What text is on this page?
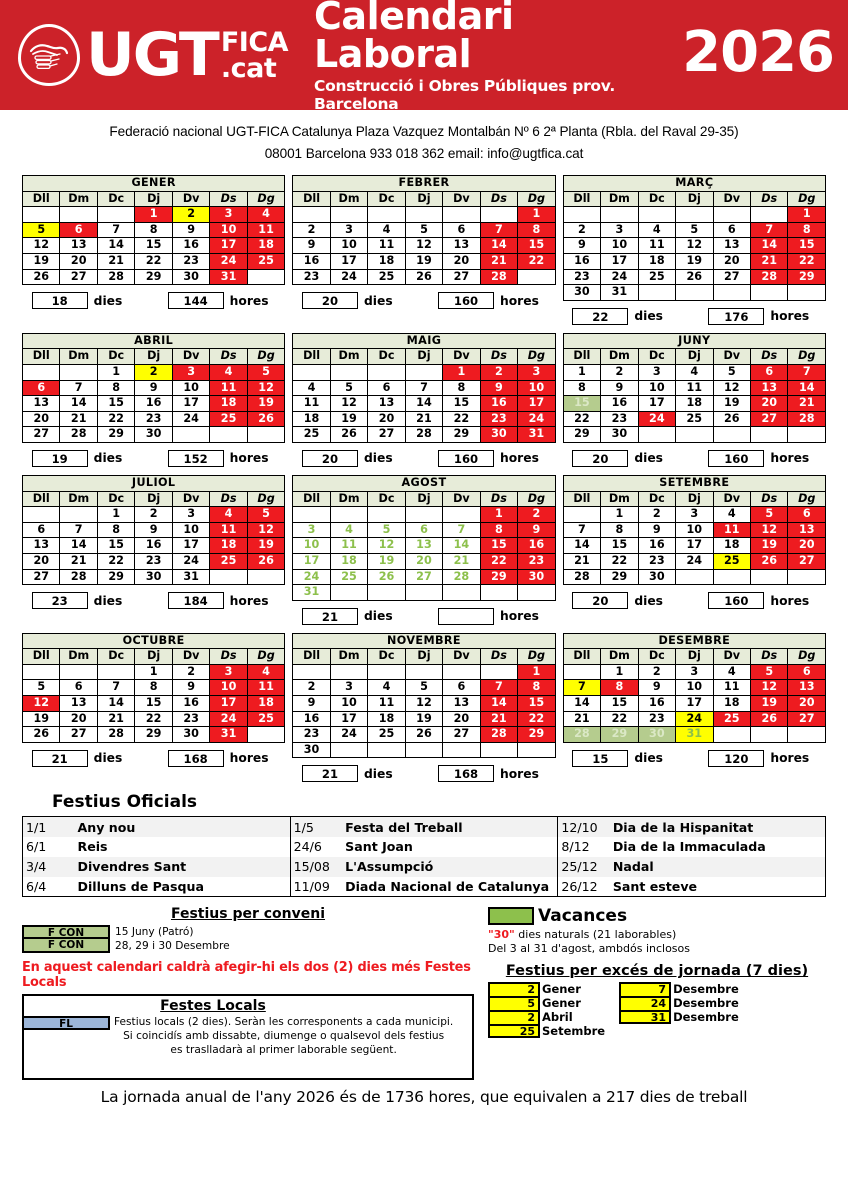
UGT FICA
.cat
Calendari Laboral
Construcció i Obres Públiques prov. Barcelona
2026
Federació nacional UGT-FICA Catalunya Plaza Vazquez Montalbán Nº 6 2ª Planta (Rbla. del Raval 29-35)
08001 Barcelona 933 018 362 email: info@ugtfica.cat
GENER						
Dll	Dm	Dc	Dj	Dv	Ds	Dg
			1	2	3	4
5	6	7	8	9	10	11
12	13	14	15	16	17	18
19	20	21	22	23	24	25
26	27	28	29	30	31	
18	dies	144	hores
FEBRER						
Dll	Dm	Dc	Dj	Dv	Ds	Dg
						1
2	3	4	5	6	7	8
9	10	11	12	13	14	15
16	17	18	19	20	21	22
23	24	25	26	27	28	
20	dies	160	hores
MARÇ						
Dll	Dm	Dc	Dj	Dv	Ds	Dg
						1
2	3	4	5	6	7	8
9	10	11	12	13	14	15
16	17	18	19	20	21	22
23	24	25	26	27	28	29
30	31					
22	dies	176	hores
ABRIL						
Dll	Dm	Dc	Dj	Dv	Ds	Dg
		1	2	3	4	5
6	7	8	9	10	11	12
13	14	15	16	17	18	19
20	21	22	23	24	25	26
27	28	29	30			
19	dies	152	hores
MAIG						
Dll	Dm	Dc	Dj	Dv	Ds	Dg
				1	2	3
4	5	6	7	8	9	10
11	12	13	14	15	16	17
18	19	20	21	22	23	24
25	26	27	28	29	30	31
20	dies	160	hores
JUNY						
Dll	Dm	Dc	Dj	Dv	Ds	Dg
1	2	3	4	5	6	7
8	9	10	11	12	13	14
15	16	17	18	19	20	21
22	23	24	25	26	27	28
29	30					
20	dies	160	hores
JULIOL						
Dll	Dm	Dc	Dj	Dv	Ds	Dg
		1	2	3	4	5
6	7	8	9	10	11	12
13	14	15	16	17	18	19
20	21	22	23	24	25	26
27	28	29	30	31		
23	dies	184	hores
AGOST						
Dll	Dm	Dc	Dj	Dv	Ds	Dg
					1	2
3	4	5	6	7	8	9
10	11	12	13	14	15	16
17	18	19	20	21	22	23
24	25	26	27	28	29	30
31						
21	dies	hores
SETEMBRE						
Dll	Dm	Dc	Dj	Dv	Ds	Dg
	1	2	3	4	5	6
7	8	9	10	11	12	13
14	15	16	17	18	19	20
21	22	23	24	25	26	27
28	29	30				
20	dies	160	hores
OCTUBRE						
Dll	Dm	Dc	Dj	Dv	Ds	Dg
			1	2	3	4
5	6	7	8	9	10	11
12	13	14	15	16	17	18
19	20	21	22	23	24	25
26	27	28	29	30	31	
21	dies	168	hores
NOVEMBRE						
Dll	Dm	Dc	Dj	Dv	Ds	Dg
						1
2	3	4	5	6	7	8
9	10	11	12	13	14	15
16	17	18	19	20	21	22
23	24	25	26	27	28	29
30						
21	dies	168	hores
DESEMBRE						
Dll	Dm	Dc	Dj	Dv	Ds	Dg
	1	2	3	4	5	6
7	8	9	10	11	12	13
14	15	16	17	18	19	20
21	22	23	24	25	26	27
28	29	30	31			
15	dies	120	hores
Festius Oficials
1/1	Any nou	1/5	Festa del Treball	12/10	Dia de la Hispanitat
6/1	Reis	24/6	Sant Joan	8/12	Dia de la Immaculada
3/4	Divendres Sant	15/08	L'Assumpció	25/12	Nadal
6/4	Dilluns de Pasqua	11/09	Diada Nacional de Catalunya	26/12	Sant esteve
Festius per conveni
F CON	15 Juny (Patró)
F CON	28, 29 i 30 Desembre
En aquest calendari caldrà afegir-hi els dos (2) dies més Festes Locals
Festes Locals
FL	Festius locals (2 dies). Seràn les corresponents a cada municipi.
Si coincidís amb dissabte, diumenge o qualsevol dels festius
es traslladarà al primer laborable següent.
Vacances
"30" dies naturals (21 laborables)
Del 3 al 31 d'agost, ambdós inclosos
Festius per excés de jornada (7 dies)
2 Gener
5 Gener
2 Abril
25 Setembre
7 Desembre
24 Desembre
31 Desembre
La jornada anual de l'any 2026 és de 1736 hores, que equivalen a 217 dies de treball
